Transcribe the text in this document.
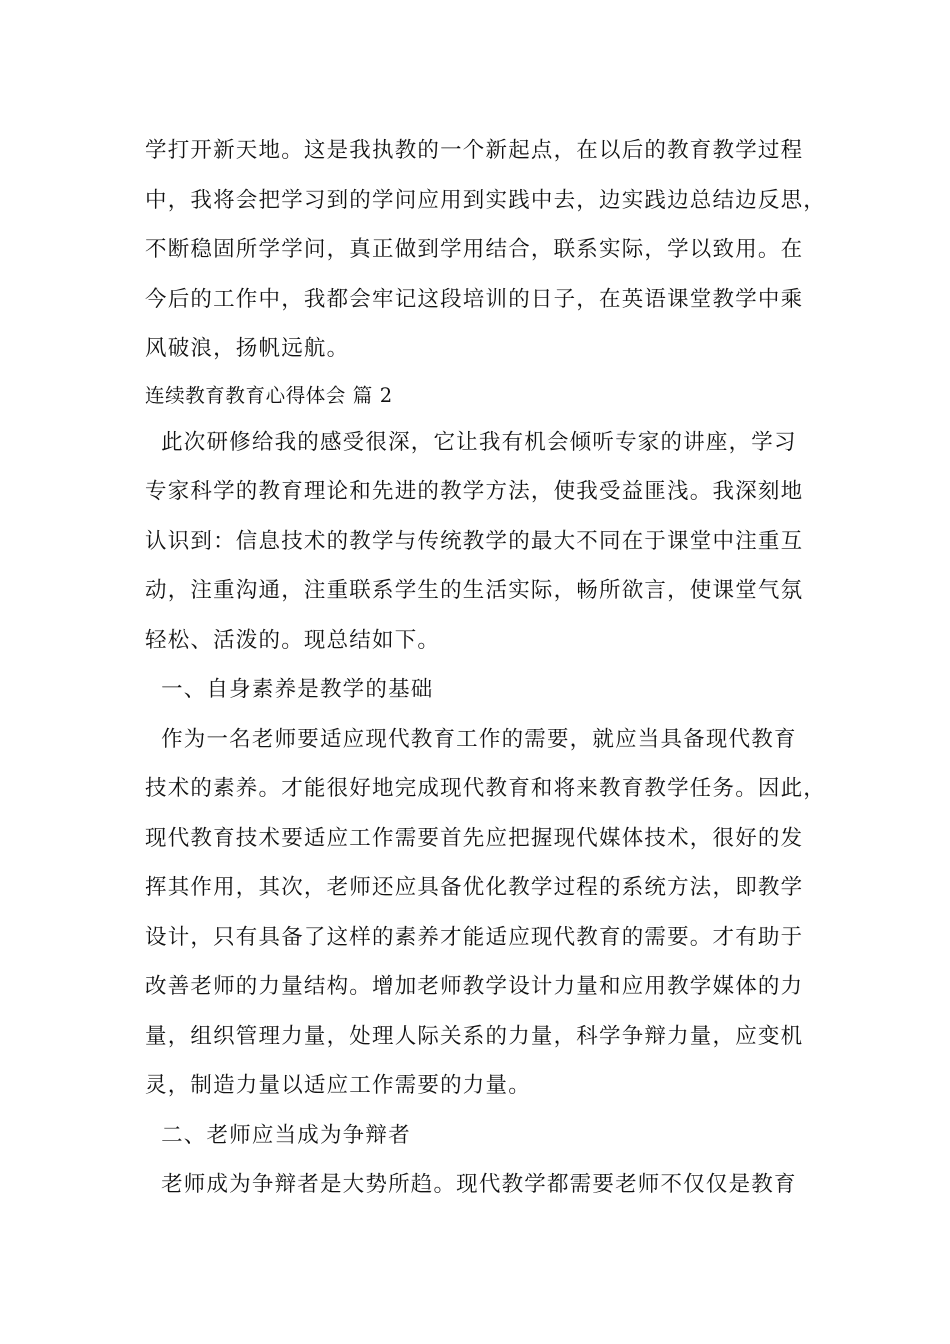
学打开新天地。这是我执教的一个新起点，在以后的教育教学过程
中，我将会把学习到的学问应用到实践中去，边实践边总结边反思，
不断稳固所学学问，真正做到学用结合，联系实际，学以致用。在
今后的工作中，我都会牢记这段培训的日子，在英语课堂教学中乘
风破浪，扬帆远航。
连续教育教育心得体会 篇 2
此次研修给我的感受很深，它让我有机会倾听专家的讲座，学习
专家科学的教育理论和先进的教学方法，使我受益匪浅。我深刻地
认识到：信息技术的教学与传统教学的最大不同在于课堂中注重互
动，注重沟通，注重联系学生的生活实际，畅所欲言，使课堂气氛
轻松、活泼的。现总结如下。
一、自身素养是教学的基础
作为一名老师要适应现代教育工作的需要，就应当具备现代教育
技术的素养。才能很好地完成现代教育和将来教育教学任务。因此，
现代教育技术要适应工作需要首先应把握现代媒体技术，很好的发
挥其作用，其次，老师还应具备优化教学过程的系统方法，即教学
设计，只有具备了这样的素养才能适应现代教育的需要。才有助于
改善老师的力量结构。增加老师教学设计力量和应用教学媒体的力
量，组织管理力量，处理人际关系的力量，科学争辩力量，应变机
灵，制造力量以适应工作需要的力量。
二、老师应当成为争辩者
老师成为争辩者是大势所趋。现代教学都需要老师不仅仅是教育
